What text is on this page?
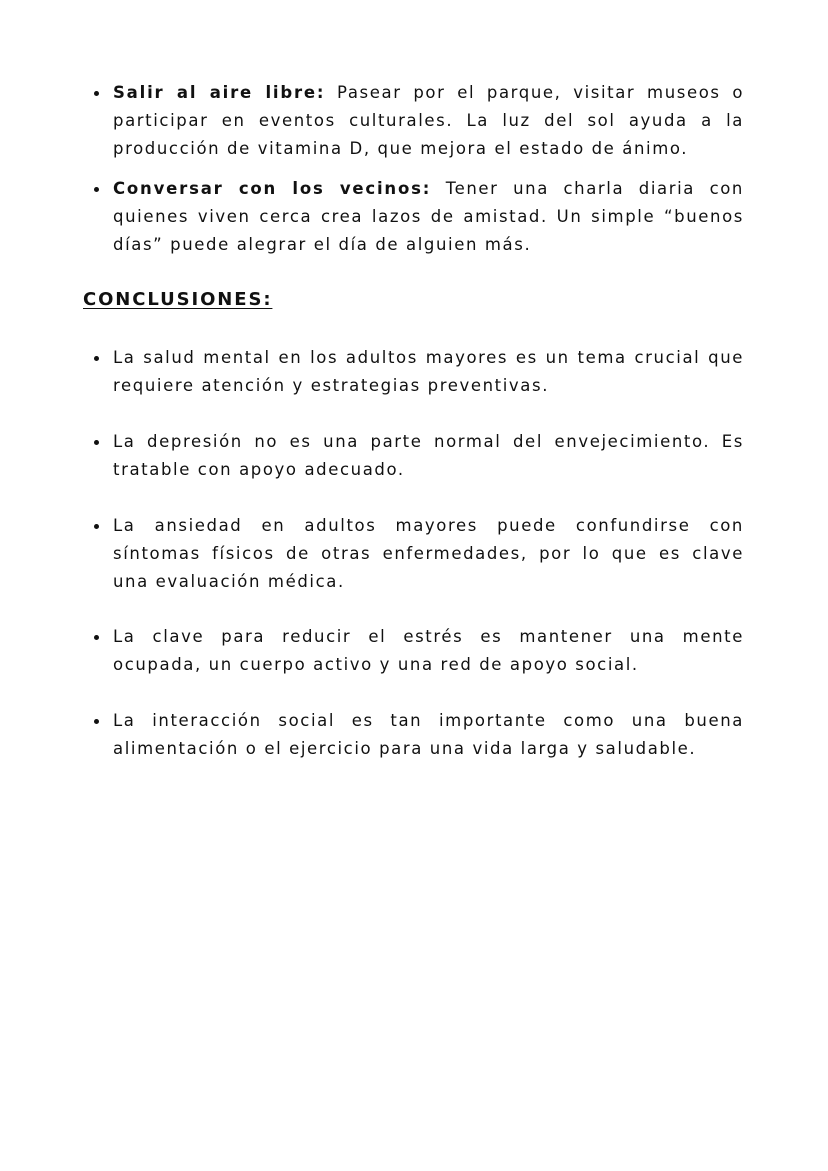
Salir al aire libre: Pasear por el parque, visitar museos o participar en eventos culturales. La luz del sol ayuda a la producción de vitamina D, que mejora el estado de ánimo.
Conversar con los vecinos: Tener una charla diaria con quienes viven cerca crea lazos de amistad. Un simple “buenos días” puede alegrar el día de alguien más.
CONCLUSIONES:
La salud mental en los adultos mayores es un tema crucial que requiere atención y estrategias preventivas.
La depresión no es una parte normal del envejecimiento. Es tratable con apoyo adecuado.
La ansiedad en adultos mayores puede confundirse con síntomas físicos de otras enfermedades, por lo que es clave una evaluación médica.
La clave para reducir el estrés es mantener una mente ocupada, un cuerpo activo y una red de apoyo social.
La interacción social es tan importante como una buena alimentación o el ejercicio para una vida larga y saludable.
